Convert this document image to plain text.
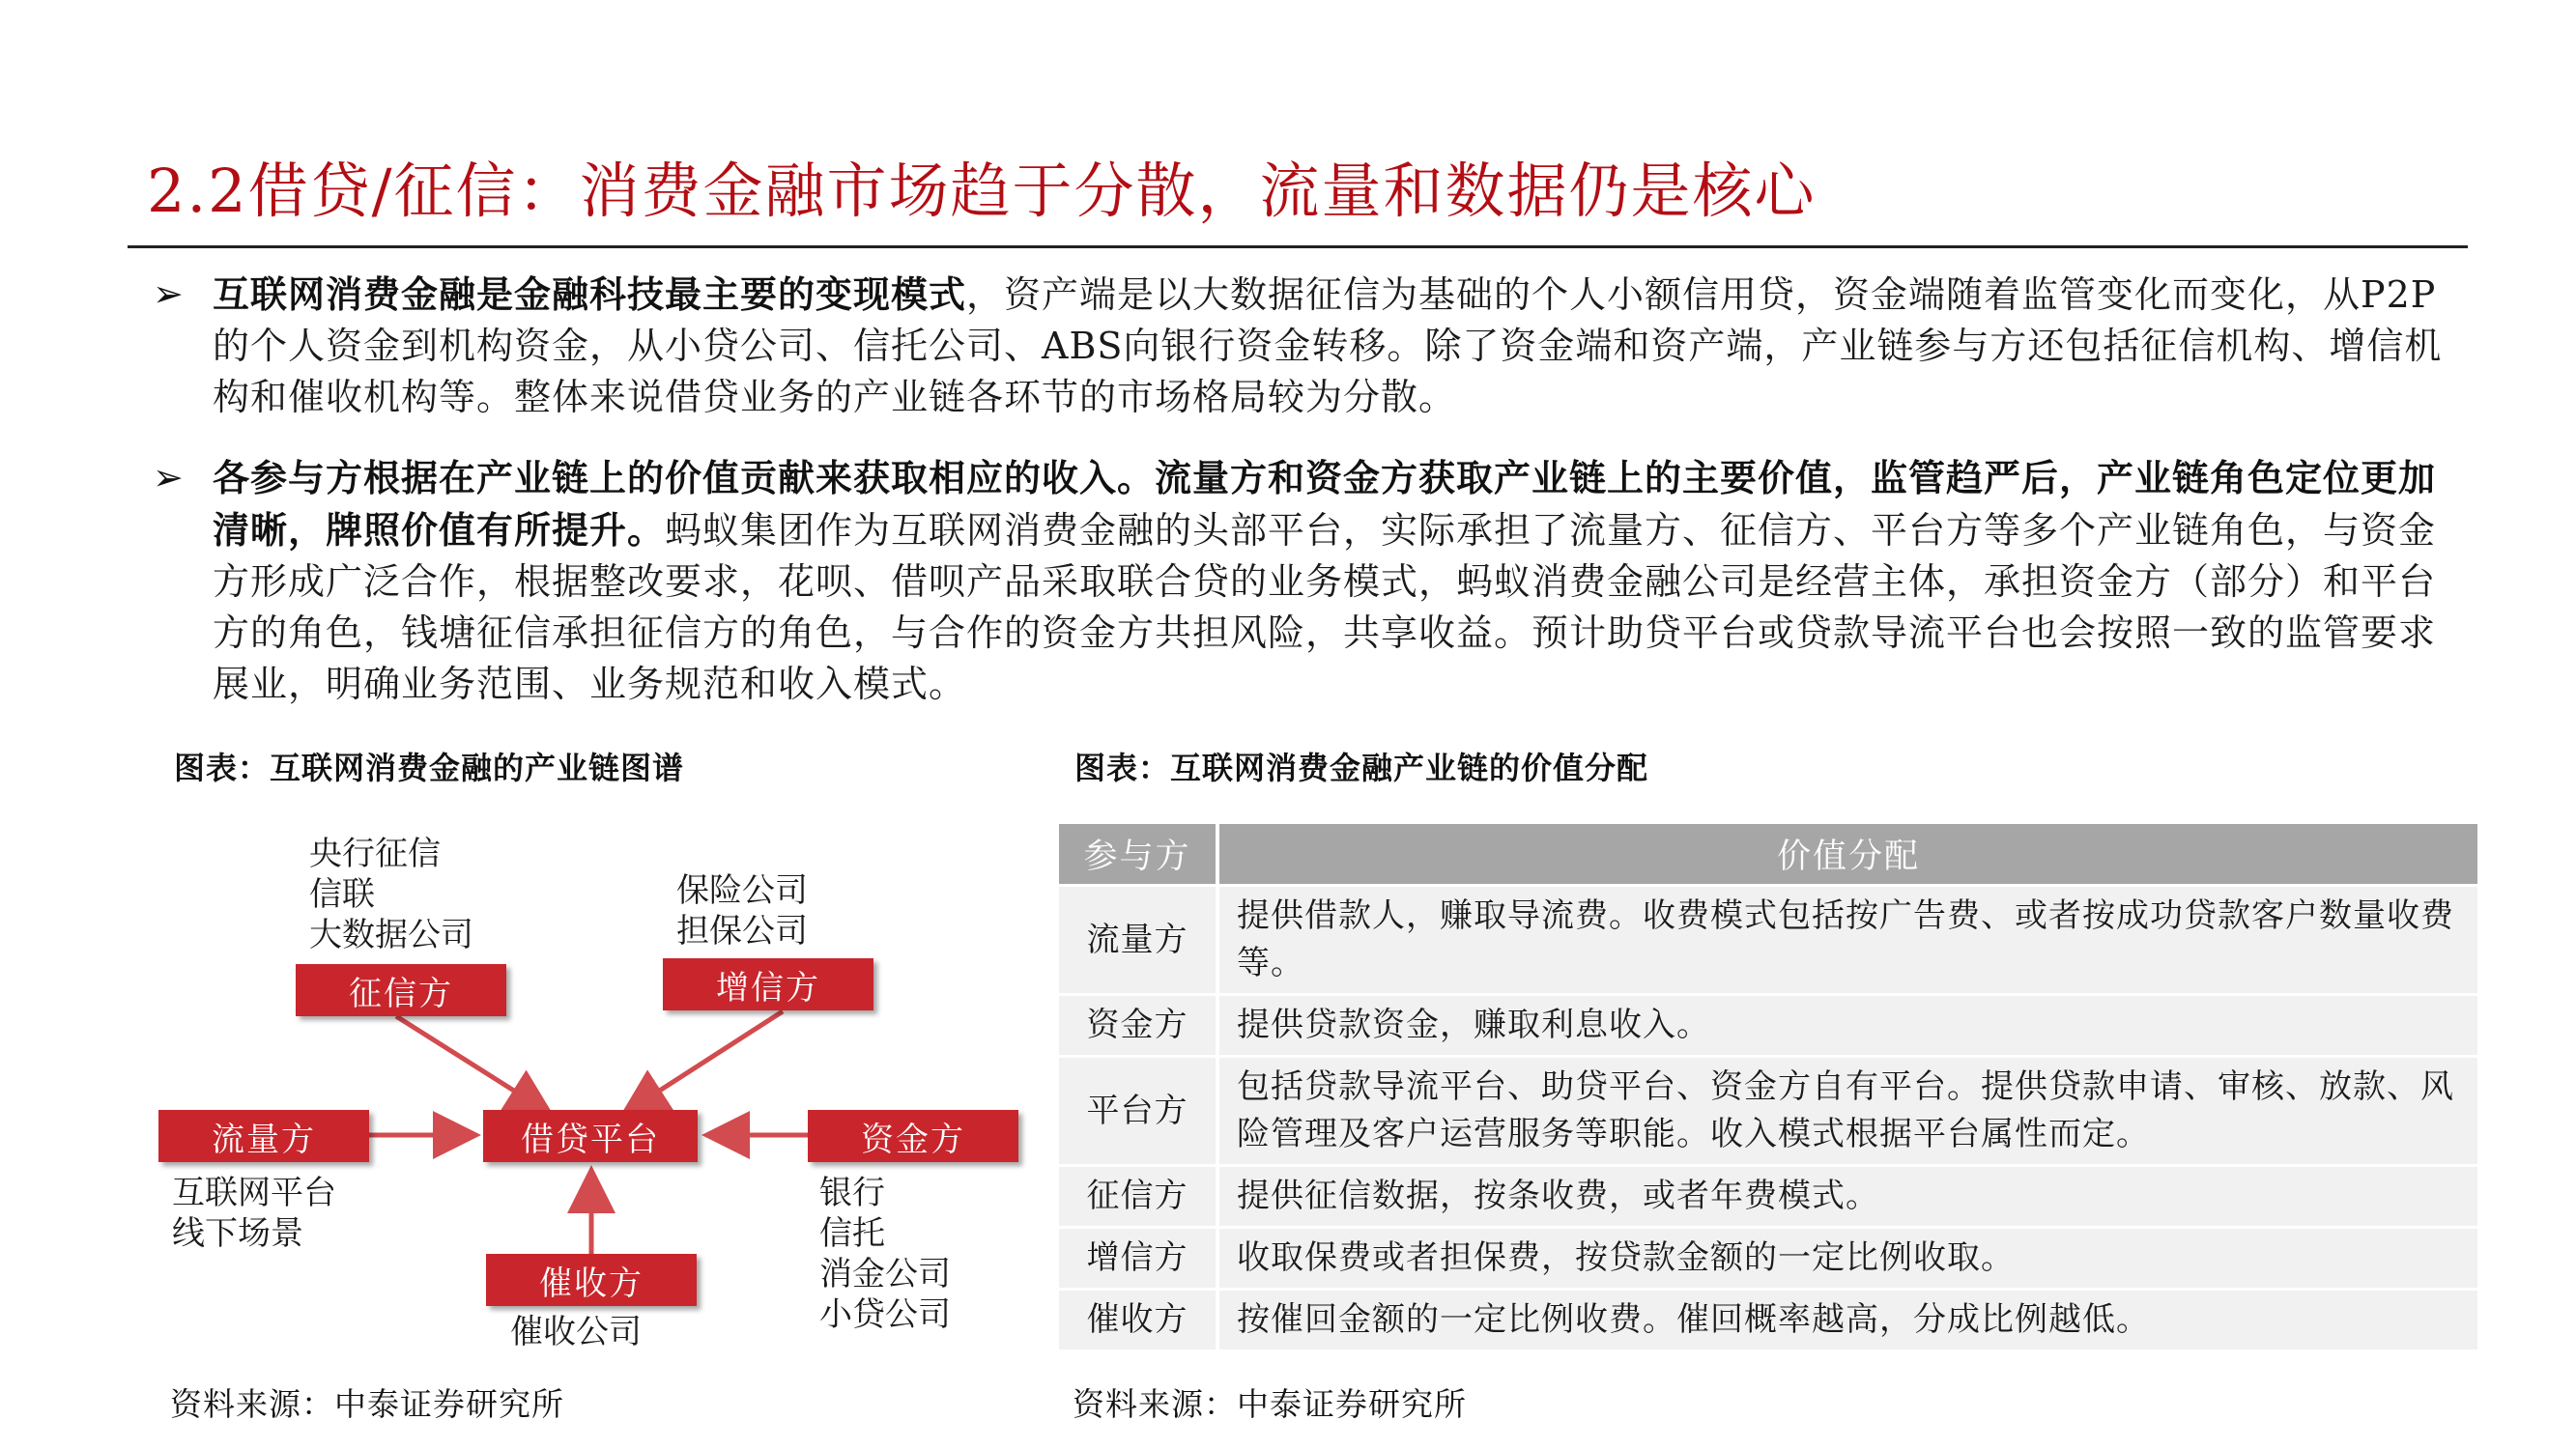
2.2借贷/征信：消费金融市场趋于分散，流量和数据仍是核心
➢ 互联网消费金融是金融科技最主要的变现模式，资产端是以大数据征信为基础的个人小额信用贷，资金端随着监管变化而变化，从P2P的个人资金到机构资金，从小贷公司、信托公司、ABS向银行资金转移。除了资金端和资产端，产业链参与方还包括征信机构、增信机构和催收机构等。整体来说借贷业务的产业链各环节的市场格局较为分散。

➢ 各参与方根据在产业链上的价值贡献来获取相应的收入。流量方和资金方获取产业链上的主要价值，监管趋严后，产业链角色定位更加清晰，牌照价值有所提升。蚂蚁集团作为互联网消费金融的头部平台，实际承担了流量方、征信方、平台方等多个产业链角色，与资金方形成广泛合作，根据整改要求，花呗、借呗产品采取联合贷的业务模式，蚂蚁消费金融公司是经营主体，承担资金方（部分）和平台方的角色，钱塘征信承担征信方的角色，与合作的资金方共担风险，共享收益。预计助贷平台或贷款导流平台也会按照一致的监管要求展业，明确业务范围、业务规范和收入模式。

图表：互联网消费金融的产业链图谱
央行征信
信联
大数据公司
征信方
保险公司
担保公司
增信方
流量方
互联网平台
线下场景
借贷平台	资金方
银行
信托
消金公司
小贷公司
催收方
催收公司
资料来源：中泰证券研究所
图表：互联网消费金融产业链的价值分配
参与方	价值分配
流量方	提供借款人，赚取导流费。收费模式包括按广告费、或者按成功贷款客户数量收费等。
资金方	提供贷款资金，赚取利息收入。
平台方	包括贷款导流平台、助贷平台、资金方自有平台。提供贷款申请、审核、放款、风险管理及客户运营服务等职能。收入模式根据平台属性而定。
征信方	提供征信数据，按条收费，或者年费模式。
增信方	收取保费或者担保费，按贷款金额的一定比例收取。
催收方	按催回金额的一定比例收费。催回概率越高，分成比例越低。
资料来源：中泰证券研究所
